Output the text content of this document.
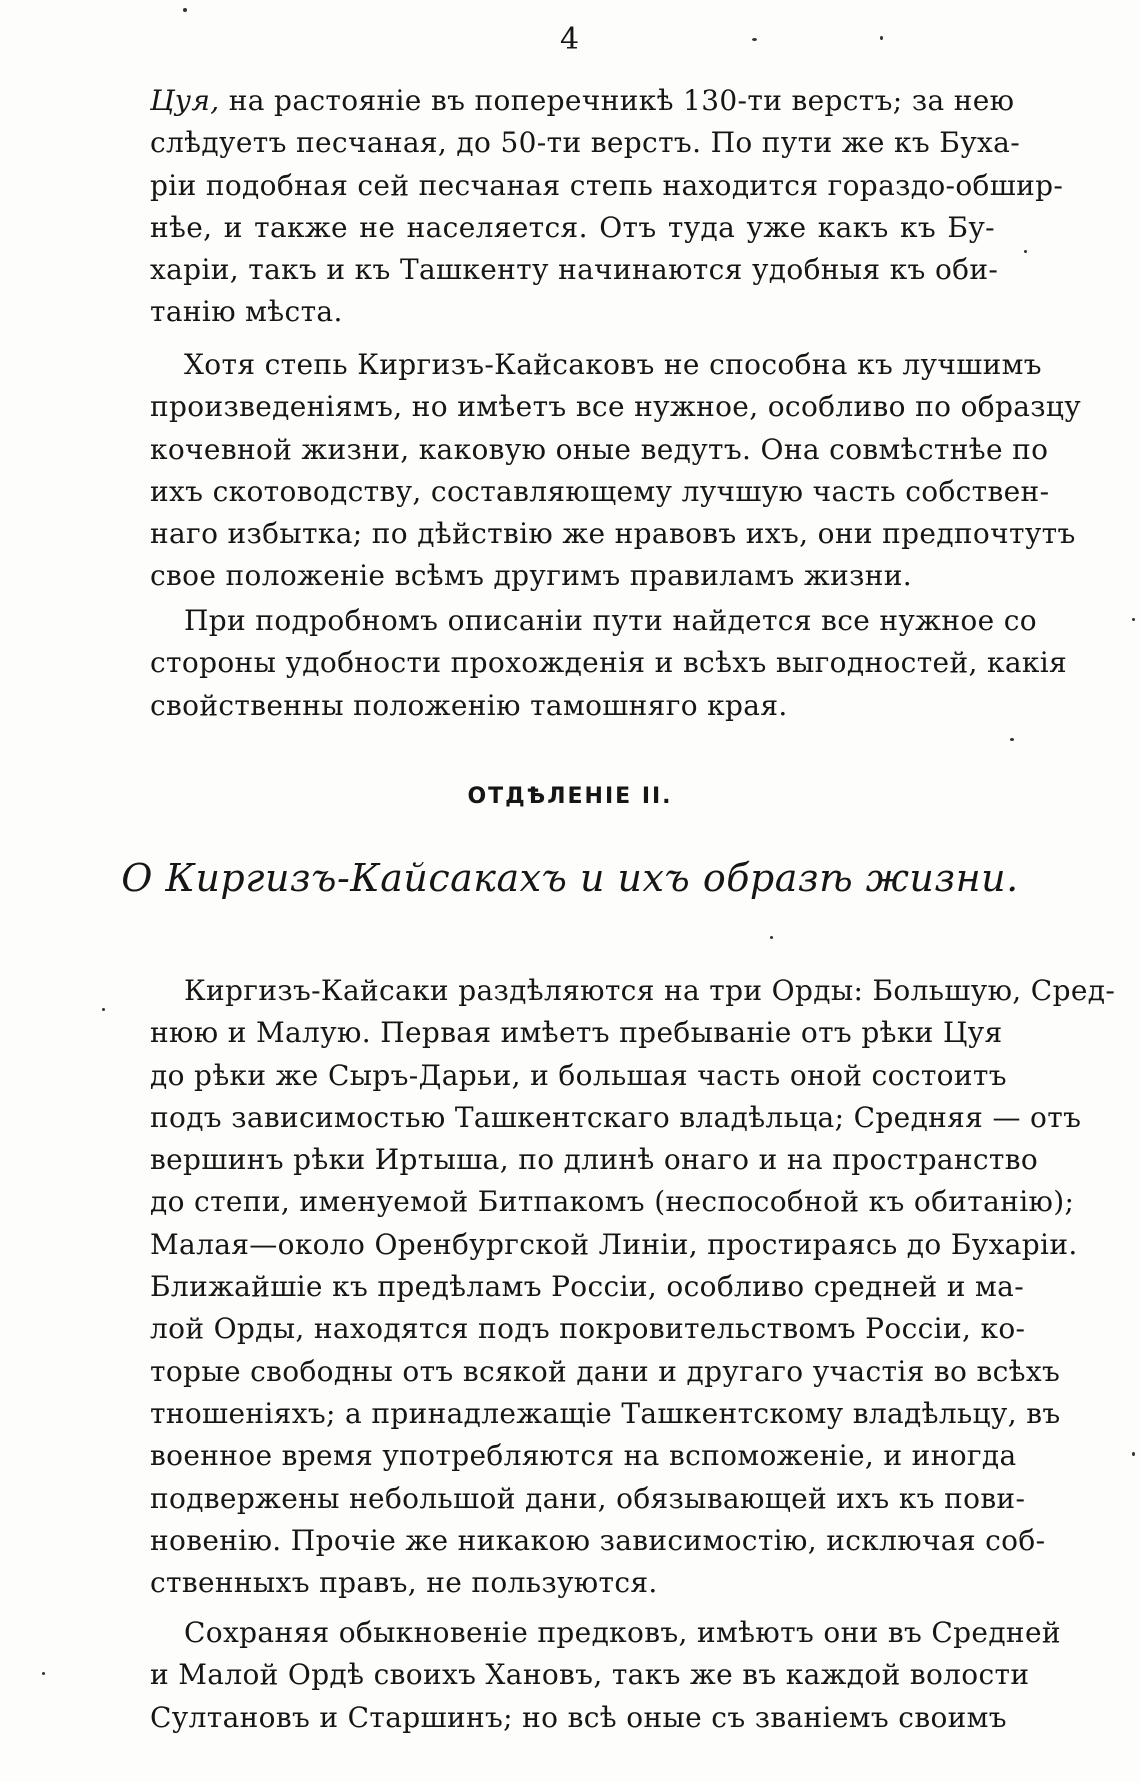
4
Цуя, на растояніе въ поперечникѣ 130-ти верстъ; за нею
слѣдуетъ песчаная, до 50-ти верстъ. По пути же къ Буха-
ріи подобная сей песчаная степь находится гораздо-обшир-
нѣе, и также не населяется. Отъ туда уже какъ къ Бу-
харіи, такъ и къ Ташкенту начинаются удобныя къ оби-
танію мѣста.
Хотя степь Киргизъ-Кайсаковъ не способна къ лучшимъ
произведеніямъ, но имѣетъ все нужное, особливо по образцу
кочевной жизни, каковую оные ведутъ. Она совмѣстнѣе по
ихъ скотоводству, составляющему лучшую часть собствен-
наго избытка; по дѣйствію же нравовъ ихъ, они предпочтутъ
свое положеніе всѣмъ другимъ правиламъ жизни.
При подробномъ описаніи пути найдется все нужное со
стороны удобности прохожденія и всѣхъ выгодностей, какія
свойственны положенію тамошняго края.
ОТДѢЛЕНІЕ II.
О Киргизъ-Кайсакахъ и ихъ образѣ жизни.
Киргизъ-Кайсаки раздѣляются на три Орды: Большую, Сред-
нюю и Малую. Первая имѣетъ пребываніе отъ рѣки Цуя
до рѣки же Сыръ-Дарьи, и большая часть оной состоитъ
подъ зависимостью Ташкентскаго владѣльца; Средняя — отъ
вершинъ рѣки Иртыша, по длинѣ онаго и на пространство
до степи, именуемой Битпакомъ (неспособной къ обитанію);
Малая—около Оренбургской Линіи, простираясь до Бухаріи.
Ближайшіе къ предѣламъ Россіи, особливо средней и ма-
лой Орды, находятся подъ покровительствомъ Россіи, ко-
торые свободны отъ всякой дани и другаго участія во всѣхъ
тношеніяхъ; а принадлежащіе Ташкентскому владѣльцу, въ
военное время употребляются на вспоможеніе, и иногда
подвержены небольшой дани, обязывающей ихъ къ пови-
новенію. Прочіе же никакою зависимостію, исключая соб-
ственныхъ правъ, не пользуются.
Сохраняя обыкновеніе предковъ, имѣютъ они въ Средней
и Малой Ордѣ своихъ Хановъ, такъ же въ каждой волости
Султановъ и Старшинъ; но всѣ оные съ званіемъ своимъ
